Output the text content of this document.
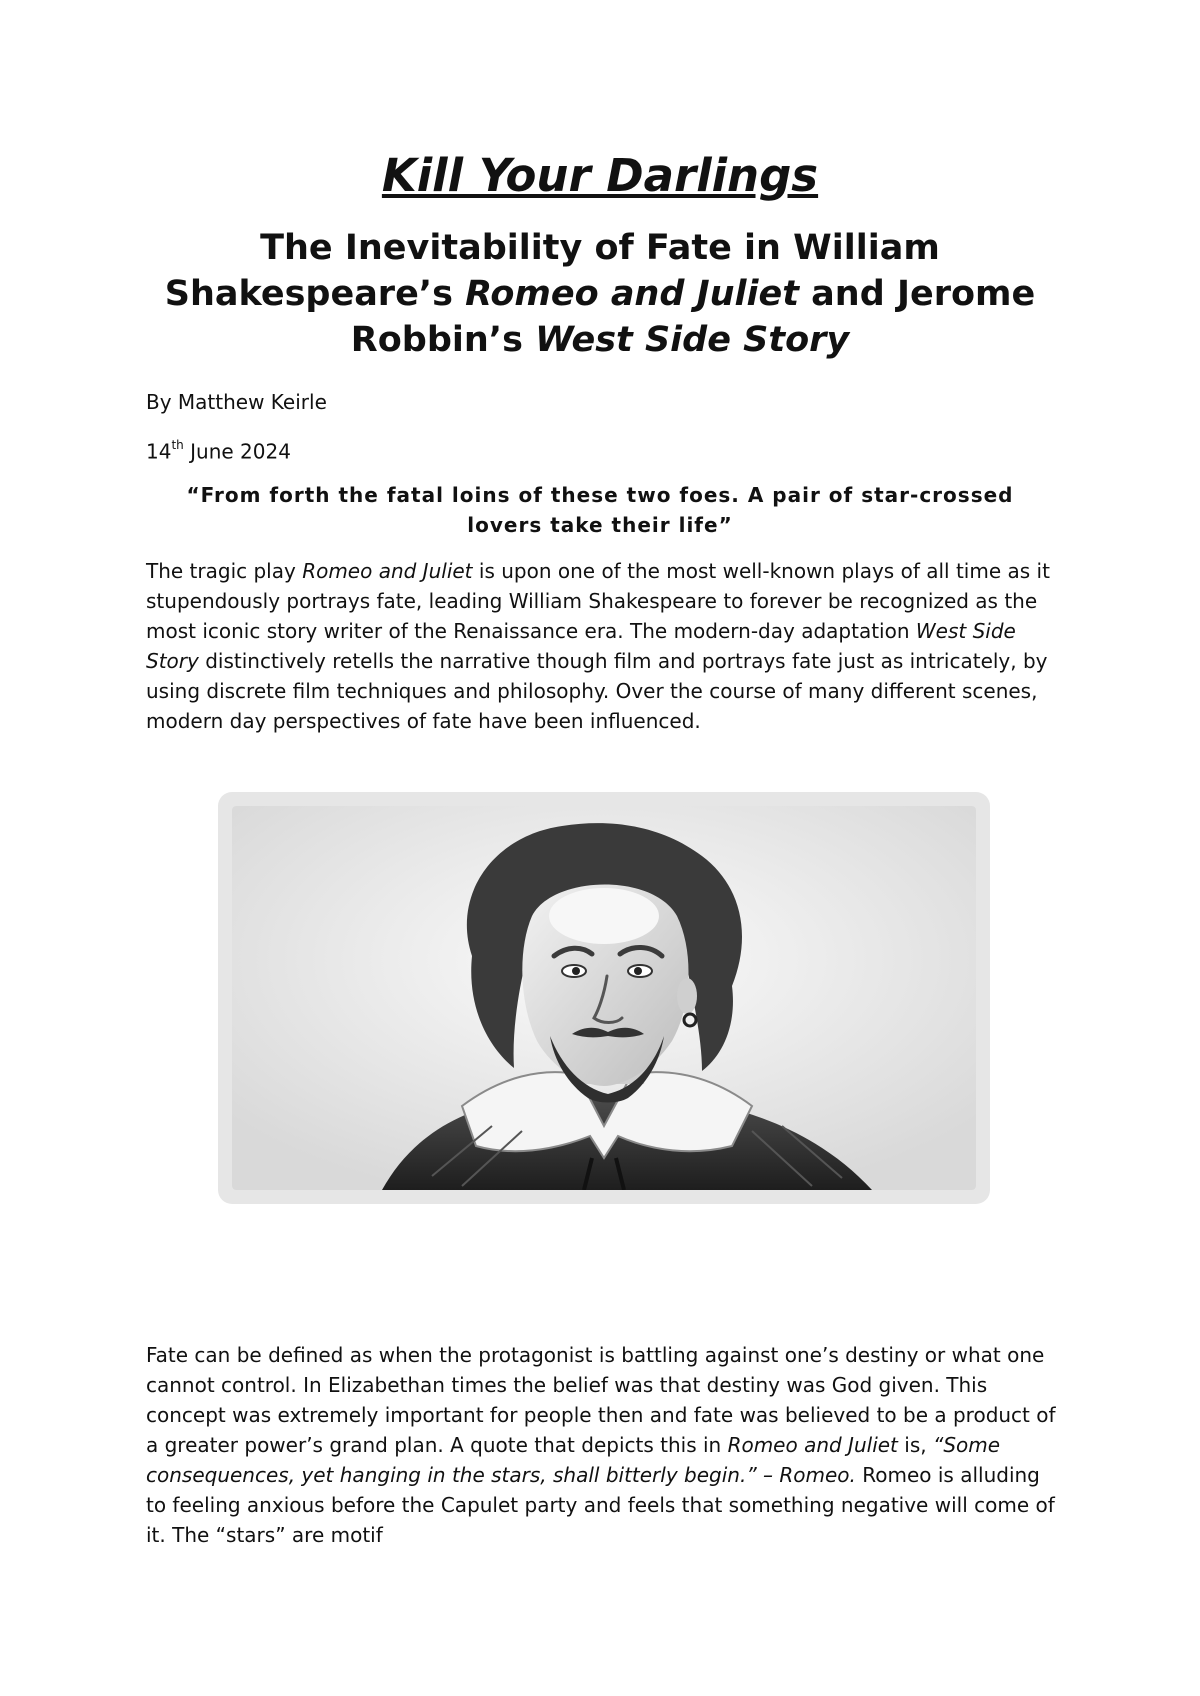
Kill Your Darlings
The Inevitability of Fate in William Shakespeare’s Romeo and Juliet and Jerome Robbin’s West Side Story

By Matthew Keirle

14th June 2024

“From forth the fatal loins of these two foes. A pair of star-crossed lovers take their life”

The tragic play Romeo and Juliet is upon one of the most well-known plays of all time as it stupendously portrays fate, leading William Shakespeare to forever be recognized as the most iconic story writer of the Renaissance era. The modern-day adaptation West Side Story distinctively retells the narrative though film and portrays fate just as intricately, by using discrete film techniques and philosophy. Over the course of many different scenes, modern day perspectives of fate have been influenced.

Fate can be defined as when the protagonist is battling against one’s destiny or what one cannot control. In Elizabethan times the belief was that destiny was God given. This concept was extremely important for people then and fate was believed to be a product of a greater power’s grand plan. A quote that depicts this in Romeo and Juliet is, “Some consequences, yet hanging in the stars, shall bitterly begin.” – Romeo. Romeo is alluding to feeling anxious before the Capulet party and feels that something negative will come of it. The “stars” are motif
